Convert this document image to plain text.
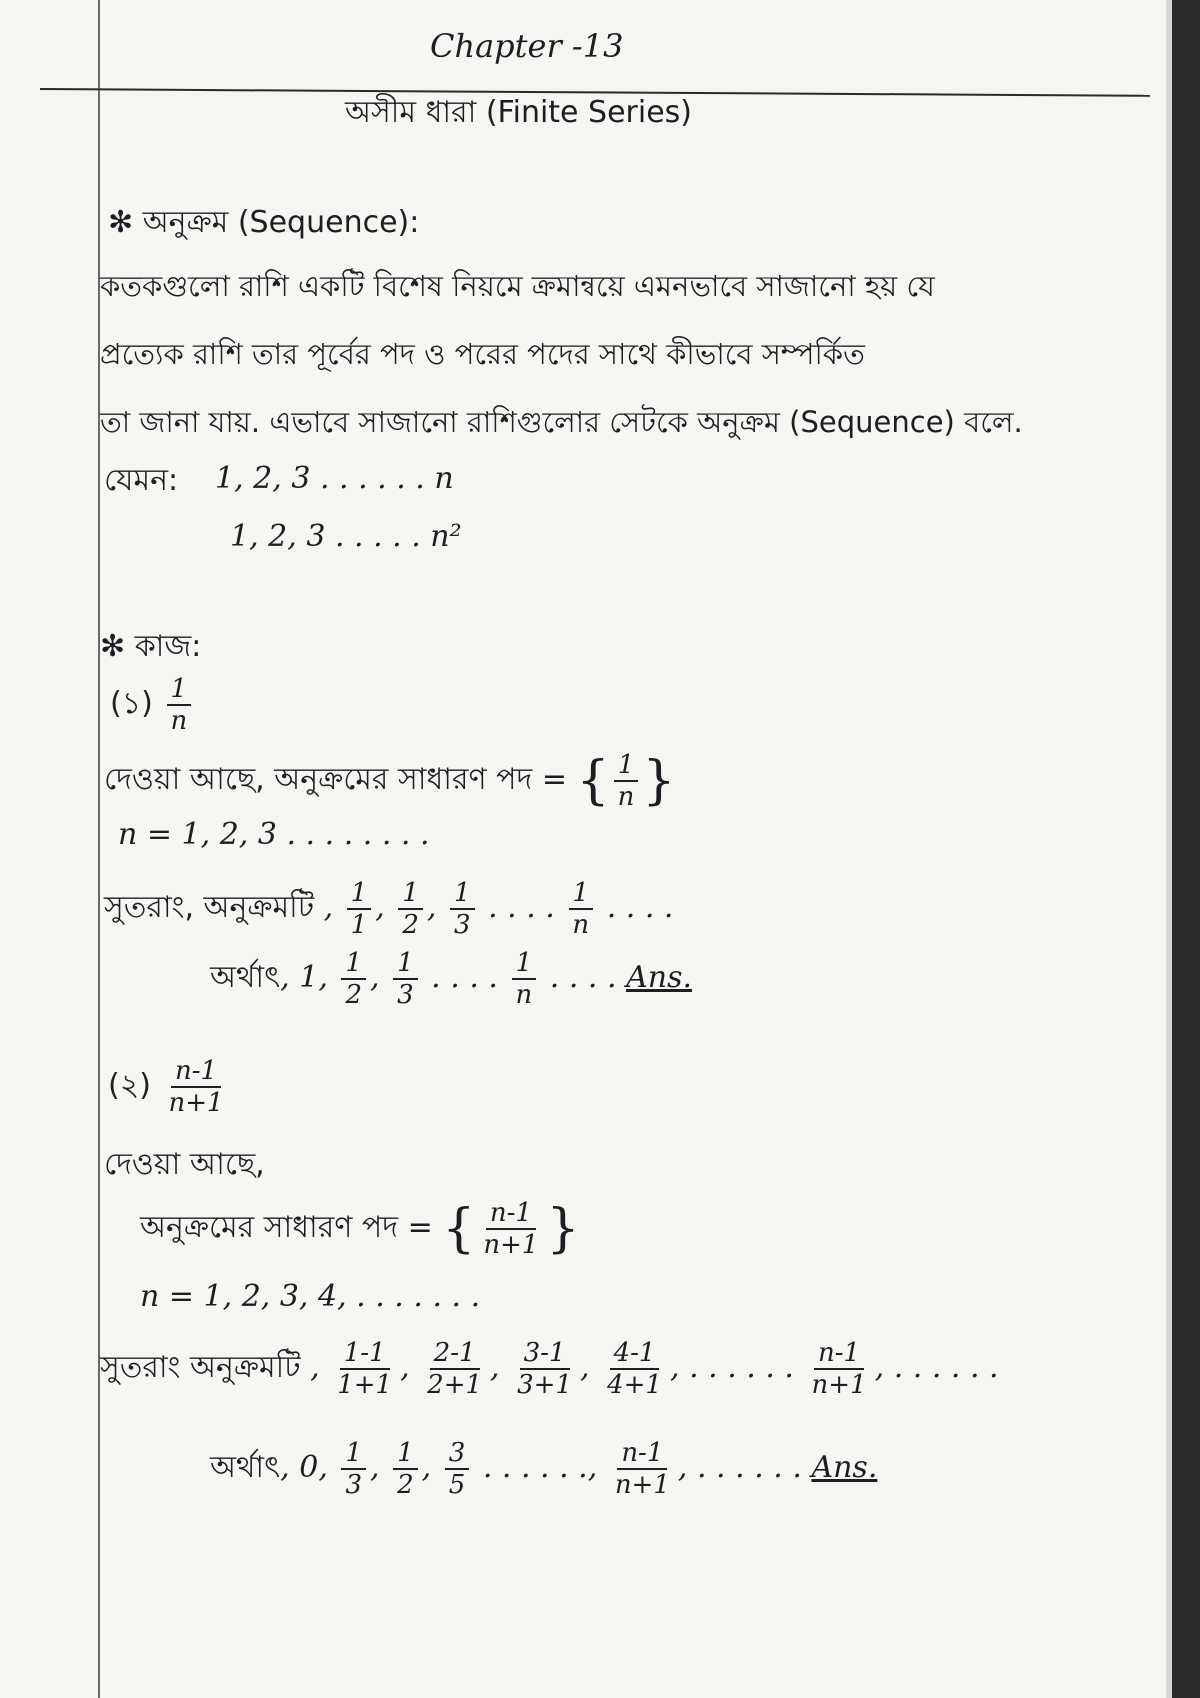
Chapter -13
অসীম ধারা (Finite Series)
✻ অনুক্রম (Sequence):
কতকগুলো রাশি একটি বিশেষ নিয়মে ক্রমান্বয়ে এমনভাবে সাজানো হয় যে
প্রত্যেক রাশি তার পূর্বের পদ ও পরের পদের সাথে কীভাবে সম্পর্কিত
তা জানা যায়. এভাবে সাজানো রাশিগুলোর সেটকে অনুক্রম (Sequence) বলে.
যেমন: 1, 2, 3 . . . . . . n
1, 2, 3 . . . . . n²
✻ কাজ:
(১) $\frac{1}{n}$
দেওয়া আছে, অনুক্রমের সাধারণ পদ = { $\frac{1}{n}$ }
n = 1, 2, 3 . . . . . . . .
সুতরাং, অনুক্রমটি , $\frac{1}{1}$ , $\frac{1}{2}$ , $\frac{1}{3}$ . . . . $\frac{1}{n}$ . . . .
অর্থাৎ, 1, $\frac{1}{2}$ , $\frac{1}{3}$ . . . . $\frac{1}{n}$ . . . . Ans.
(২) $\frac{n-1}{n+1}$
দেওয়া আছে,
অনুক্রমের সাধারণ পদ = { $\frac{n-1}{n+1}$ }
n = 1, 2, 3, 4, . . . . . . .
সুতরাং অনুক্রমটি , $\frac{1-1}{1+1}$ , $\frac{2-1}{2+1}$ , $\frac{3-1}{3+1}$ , $\frac{4-1}{4+1}$ , . . . . . . $\frac{n-1}{n+1}$ , . . . . . .
অর্থাৎ, 0, $\frac{1}{3}$ , $\frac{1}{2}$ , $\frac{3}{5}$ . . . . . ., $\frac{n-1}{n+1}$ , . . . . . . Ans.
